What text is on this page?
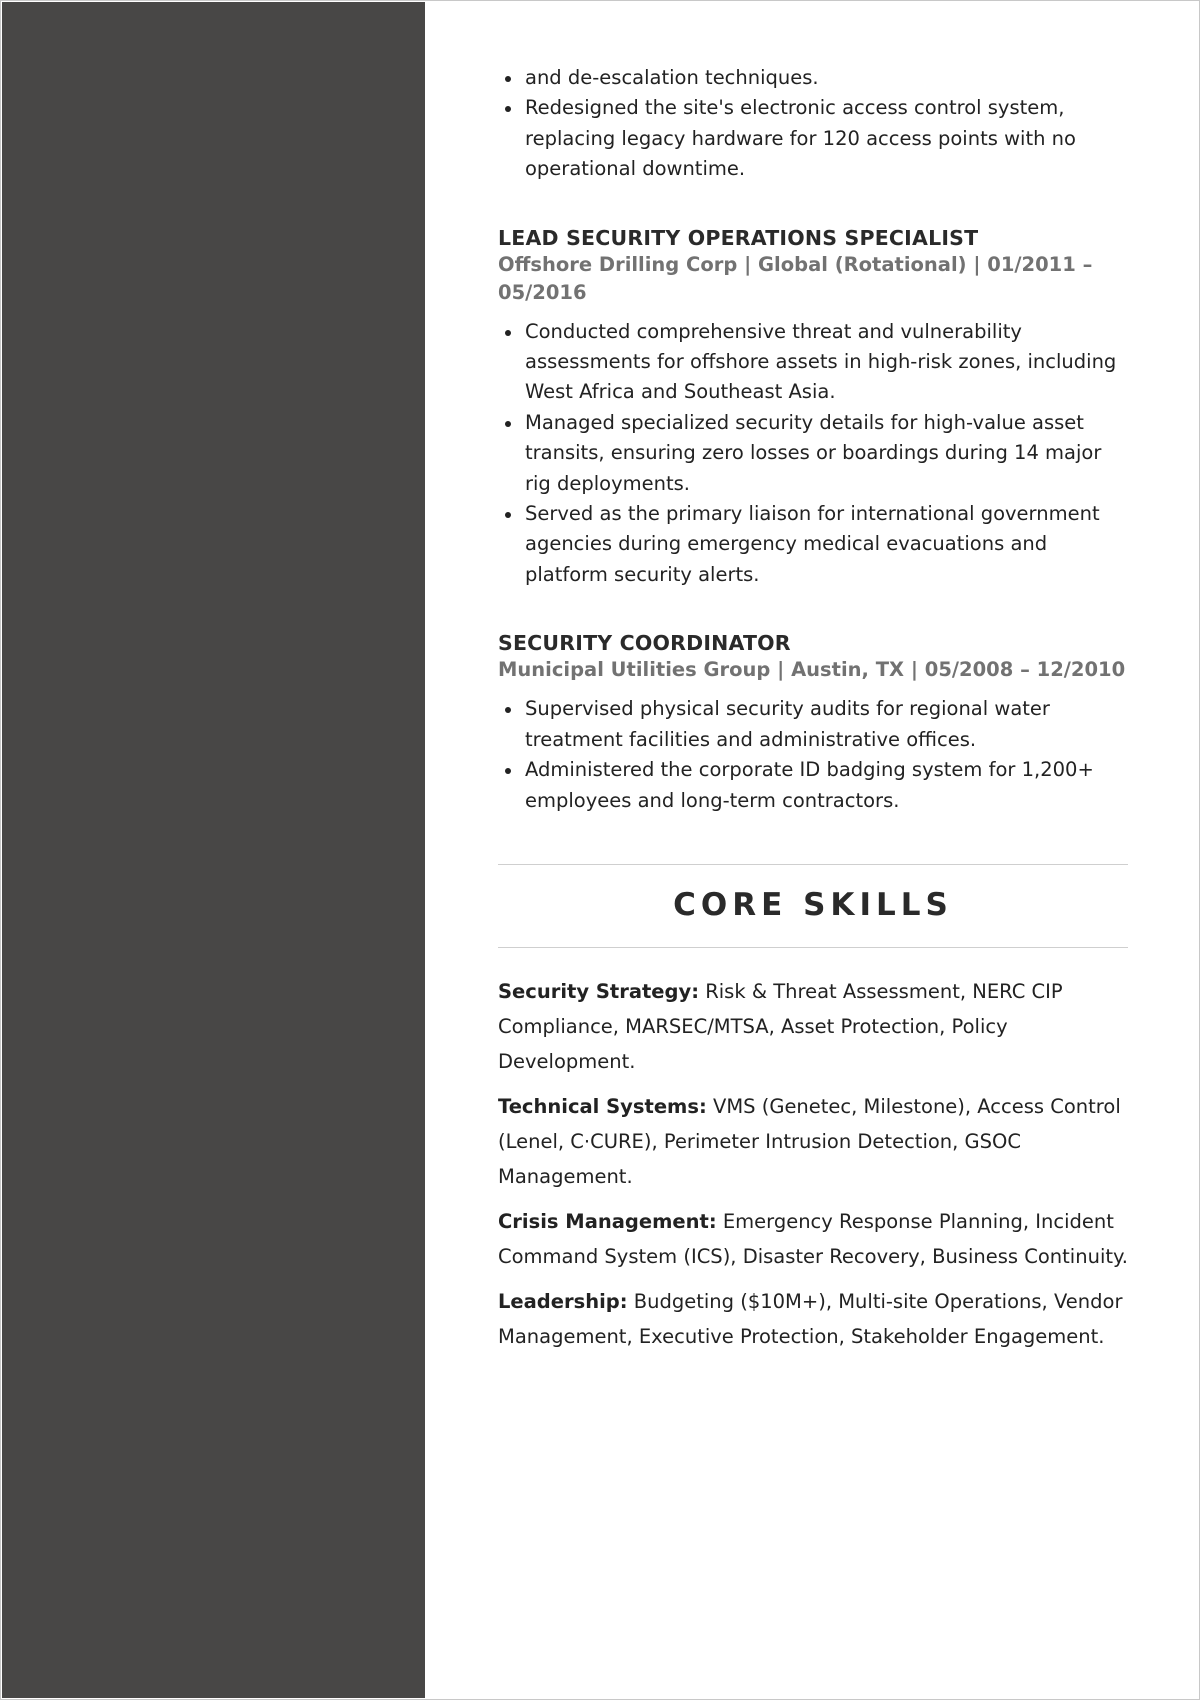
and de-escalation techniques.
Redesigned the site's electronic access control system, replacing legacy hardware for 120 access points with no operational downtime.
LEAD SECURITY OPERATIONS SPECIALIST
Offshore Drilling Corp | Global (Rotational) | 01/2011 – 05/2016
Conducted comprehensive threat and vulnerability assessments for offshore assets in high-risk zones, including West Africa and Southeast Asia.
Managed specialized security details for high-value asset transits, ensuring zero losses or boardings during 14 major rig deployments.
Served as the primary liaison for international government agencies during emergency medical evacuations and platform security alerts.
SECURITY COORDINATOR
Municipal Utilities Group | Austin, TX | 05/2008 – 12/2010
Supervised physical security audits for regional water treatment facilities and administrative offices.
Administered the corporate ID badging system for 1,200+ employees and long-term contractors.
CORE SKILLS

Security Strategy: Risk & Threat Assessment, NERC CIP Compliance, MARSEC/MTSA, Asset Protection, Policy Development.

Technical Systems: VMS (Genetec, Milestone), Access Control (Lenel, C·CURE), Perimeter Intrusion Detection, GSOC Management.

Crisis Management: Emergency Response Planning, Incident Command System (ICS), Disaster Recovery, Business Continuity.

Leadership: Budgeting ($10M+), Multi-site Operations, Vendor Management, Executive Protection, Stakeholder Engagement.
